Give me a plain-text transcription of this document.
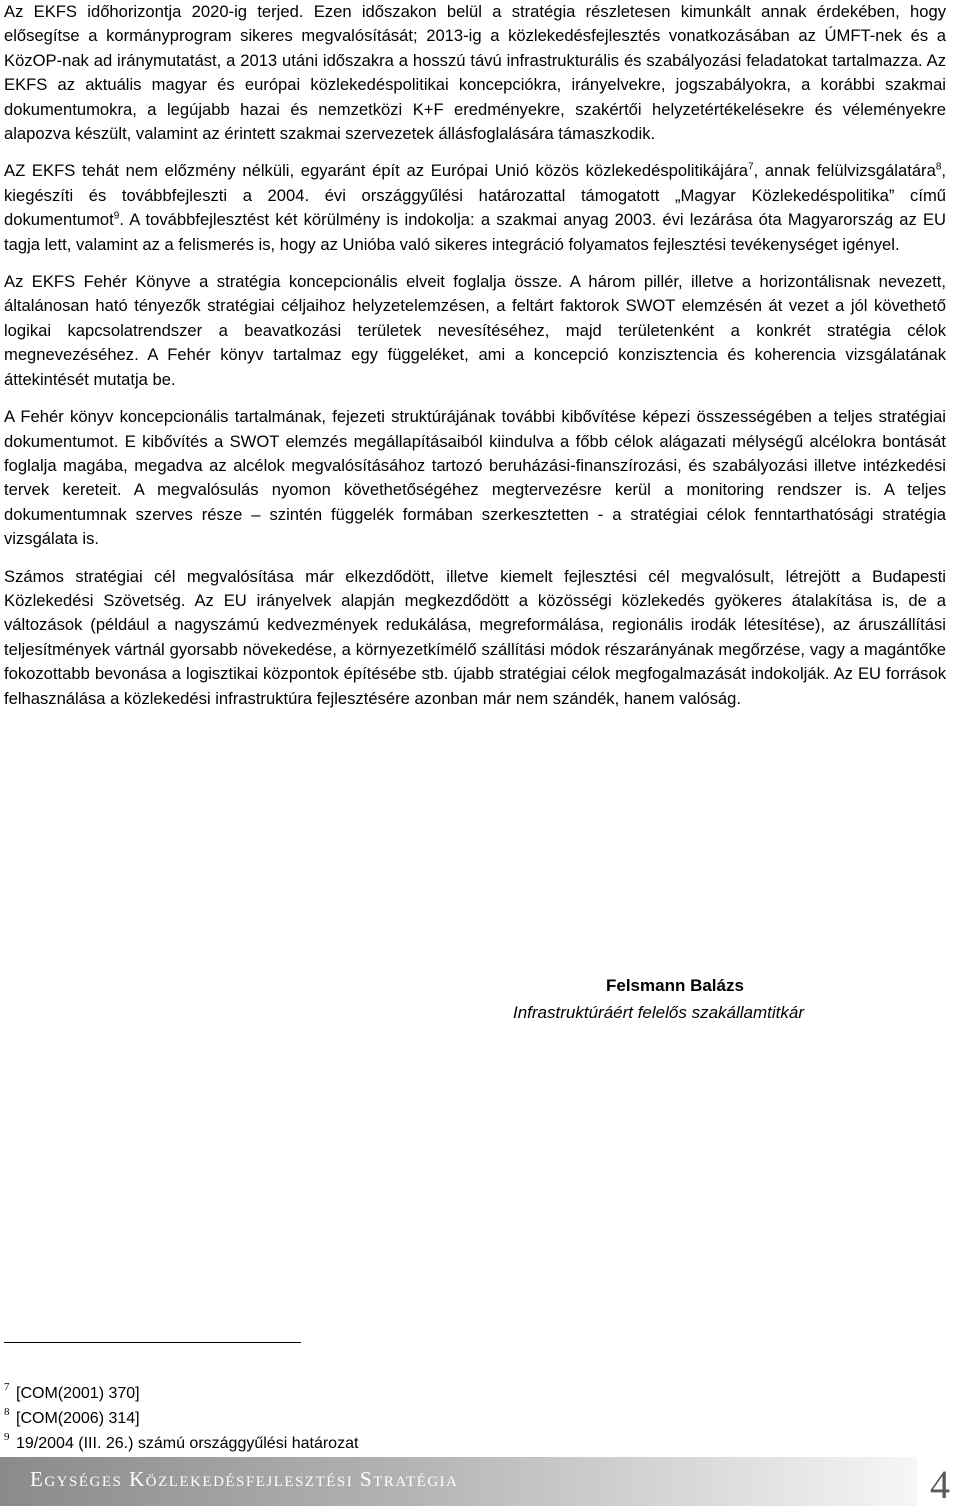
Az EKFS időhorizontja 2020-ig terjed. Ezen időszakon belül a stratégia részletesen kimunkált annak érdekében, hogy elősegítse a kormányprogram sikeres megvalósítását; 2013-ig a közlekedésfejlesztés vonatkozásában az ÚMFT-nek és a KözOP-nak ad iránymutatást, a 2013 utáni időszakra a hosszú távú infrastrukturális és szabályozási feladatokat tartalmazza. Az EKFS az aktuális magyar és európai közlekedéspolitikai koncepciókra, irányelvekre, jogszabályokra, a korábbi szakmai dokumentumokra, a legújabb hazai és nemzetközi K+F eredményekre, szakértői helyzetértékelésekre és véleményekre alapozva készült, valamint az érintett szakmai szervezetek állásfoglalására támaszkodik.

AZ EKFS tehát nem előzmény nélküli, egyaránt épít az Európai Unió közös közlekedéspolitikájára$^7$, annak felülvizsgálatára$^8$, kiegészíti és továbbfejleszti a 2004. évi országgyűlési határozattal támogatott „Magyar Közlekedéspolitika” című dokumentumot$^9$. A továbbfejlesztést két körülmény is indokolja: a szakmai anyag 2003. évi lezárása óta Magyarország az EU tagja lett, valamint az a felismerés is, hogy az Unióba való sikeres integráció folyamatos fejlesztési tevékenységet igényel.

Az EKFS Fehér Könyve a stratégia koncepcionális elveit foglalja össze. A három pillér, illetve a horizontálisnak nevezett, általánosan ható tényezők stratégiai céljaihoz helyzetelemzésen, a feltárt faktorok SWOT elemzésén át vezet a jól követhető logikai kapcsolatrendszer a beavatkozási területek nevesítéséhez, majd területenként a konkrét stratégia célok megnevezéséhez. A Fehér könyv tartalmaz egy függeléket, ami a koncepció konzisztencia és koherencia vizsgálatának áttekintését mutatja be.

A Fehér könyv koncepcionális tartalmának, fejezeti struktúrájának további kibővítése képezi összességében a teljes stratégiai dokumentumot. E kibővítés a SWOT elemzés megállapításaiból kiindulva a főbb célok alágazati mélységű alcélokra bontását foglalja magába, megadva az alcélok megvalósításához tartozó beruházási-finanszírozási, és szabályozási illetve intézkedési tervek kereteit. A megvalósulás nyomon követhetőségéhez megtervezésre kerül a monitoring rendszer is. A teljes dokumentumnak szerves része – szintén függelék formában szerkesztetten - a stratégiai célok fenntarthatósági stratégia vizsgálata is.

Számos stratégiai cél megvalósítása már elkezdődött, illetve kiemelt fejlesztési cél megvalósult, létrejött a Budapesti Közlekedési Szövetség. Az EU irányelvek alapján megkezdődött a közösségi közlekedés gyökeres átalakítása is, de a változások (például a nagyszámú kedvezmények redukálása, megreformálása, regionális irodák létesítése), az áruszállítási teljesítmények vártnál gyorsabb növekedése, a környezetkímélő szállítási módok részarányának megőrzése, vagy a magántőke fokozottabb bevonása a logisztikai központok építésébe stb. újabb stratégiai célok megfogalmazását indokolják. Az EU források felhasználása a közlekedési infrastruktúra fejlesztésére azonban már nem szándék, hanem valóság.

Felsmann Balázs
Infrastruktúráért felelős szakállamtitkár
7 [COM(2001) 370]
8 [COM(2006) 314]
9 19/2004 (III. 26.) számú országgyűlési határozat
Egységes Közlekedésfejlesztési Stratégia	4
